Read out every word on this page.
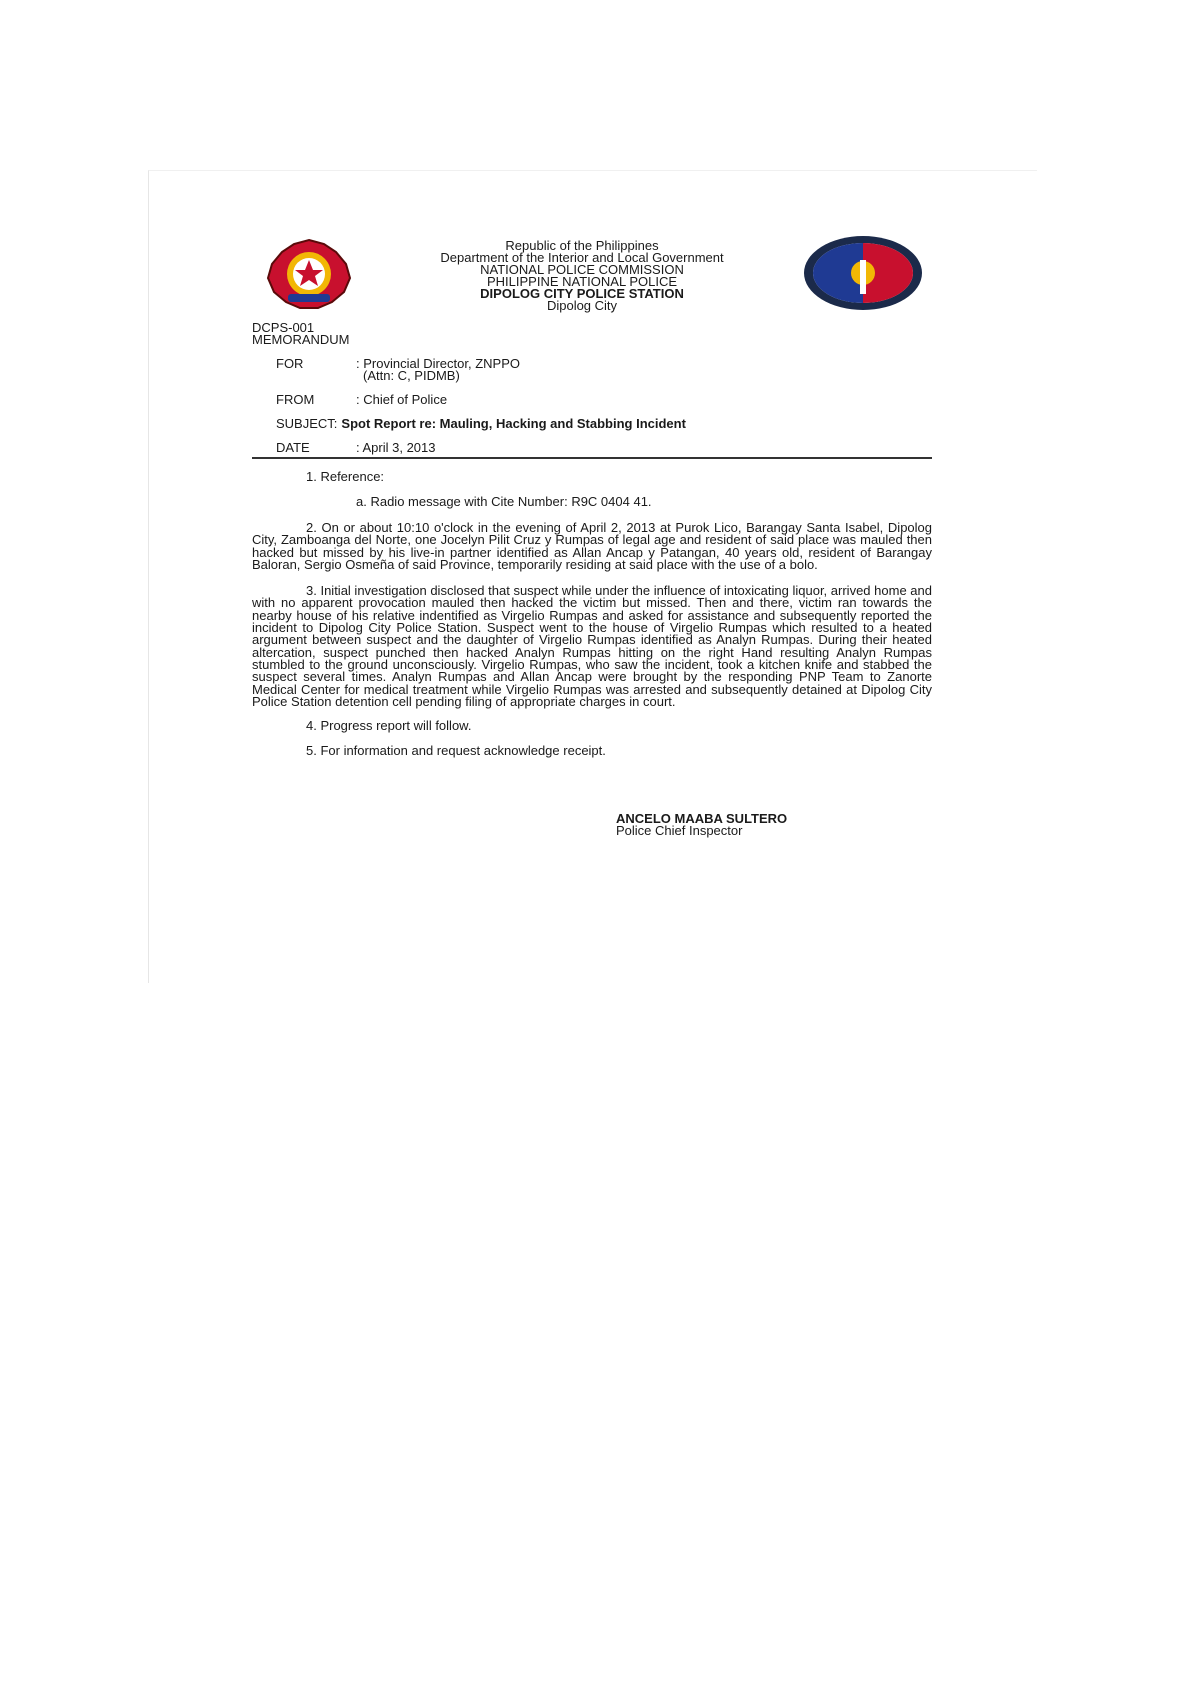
Republic of the Philippines
Department of the Interior and Local Government
NATIONAL POLICE COMMISSION
PHILIPPINE NATIONAL POLICE
DIPOLOG CITY POLICE STATION
Dipolog City
DCPS-001
MEMORANDUM
FOR	: Provincial Director, ZNPPO
(Attn: C, PIDMB)
FROM	: Chief of Police
SUBJECT: Spot Report re: Mauling, Hacking and Stabbing Incident
DATE	: April 3, 2013
1. Reference:
a. Radio message with Cite Number: R9C 0404 41.
2. On or about 10:10 o'clock in the evening of April 2, 2013 at Purok Lico, Barangay Santa Isabel, Dipolog City, Zamboanga del Norte, one Jocelyn Pilit Cruz y Rumpas of legal age and resident of said place was mauled then hacked but missed by his live-in partner identified as Allan Ancap y Patangan, 40 years old, resident of Barangay Baloran, Sergio Osmeña of said Province, temporarily residing at said place with the use of a bolo.
3. Initial investigation disclosed that suspect while under the influence of intoxicating liquor, arrived home and with no apparent provocation mauled then hacked the victim but missed. Then and there, victim ran towards the nearby house of his relative indentified as Virgelio Rumpas and asked for assistance and subsequently reported the incident to Dipolog City Police Station. Suspect went to the house of Virgelio Rumpas which resulted to a heated argument between suspect and the daughter of Virgelio Rumpas identified as Analyn Rumpas. During their heated altercation, suspect punched then hacked Analyn Rumpas hitting on the right Hand resulting Analyn Rumpas stumbled to the ground unconsciously. Virgelio Rumpas, who saw the incident, took a kitchen knife and stabbed the suspect several times. Analyn Rumpas and Allan Ancap were brought by the responding PNP Team to Zanorte Medical Center for medical treatment while Virgelio Rumpas was arrested and subsequently detained at Dipolog City Police Station detention cell pending filing of appropriate charges in court.
4. Progress report will follow.
5. For information and request acknowledge receipt.
ANCELO MAABA SULTERO
Police Chief Inspector
